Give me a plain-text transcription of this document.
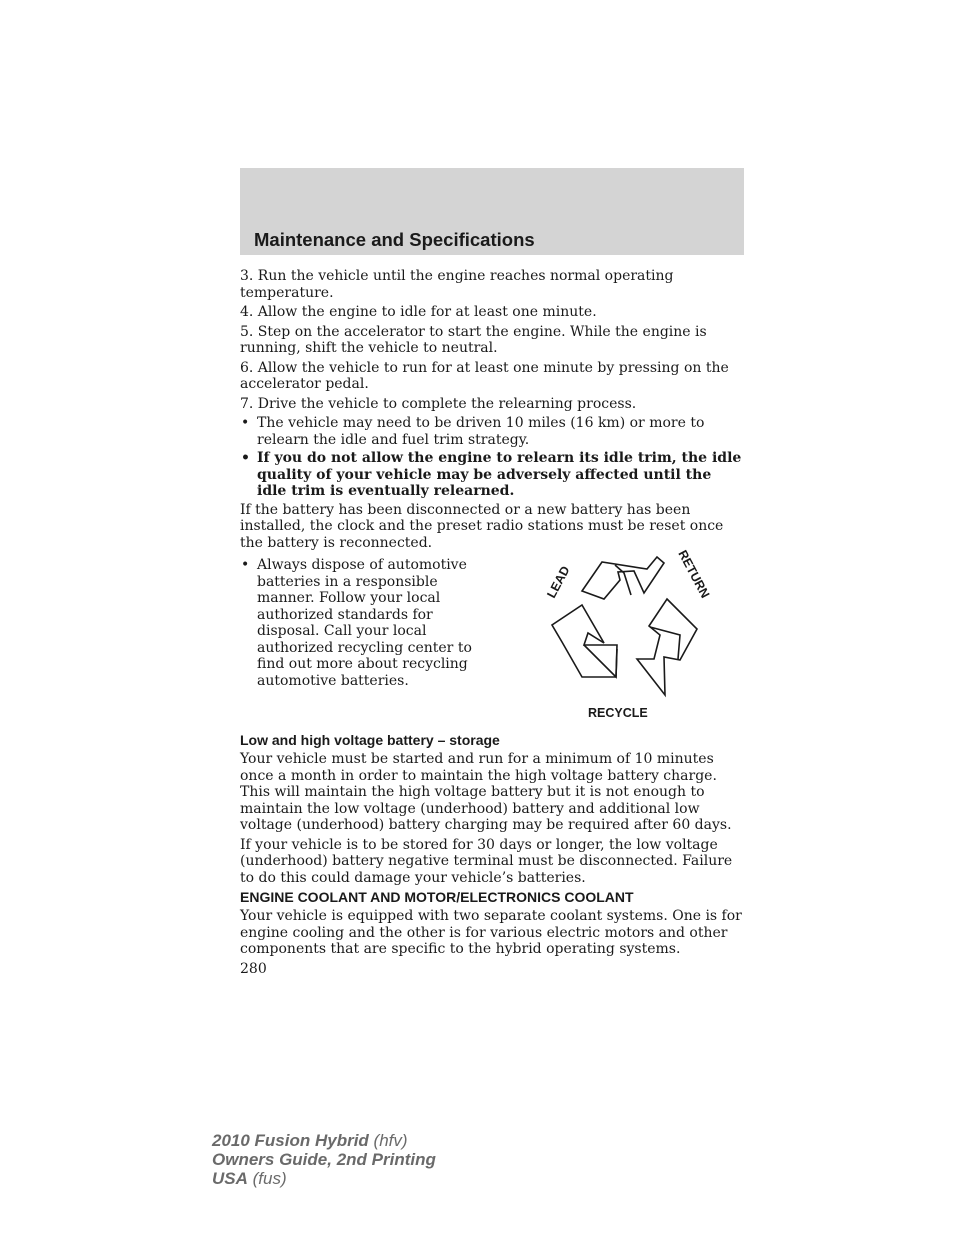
Maintenance and Specifications

3. Run the vehicle until the engine reaches normal operating temperature.

4. Allow the engine to idle for at least one minute.

5. Step on the accelerator to start the engine. While the engine is running, shift the vehicle to neutral.

6. Allow the vehicle to run for at least one minute by pressing on the accelerator pedal.

7. Drive the vehicle to complete the relearning process.

• The vehicle may need to be driven 10 miles (16 km) or more to relearn the idle and fuel trim strategy.
• If you do not allow the engine to relearn its idle trim, the idle quality of your vehicle may be adversely affected until the idle trim is eventually relearned.

If the battery has been disconnected or a new battery has been installed, the clock and the preset radio stations must be reset once the battery is reconnected.

• Always dispose of automotive batteries in a responsible manner. Follow your local authorized standards for disposal. Call your local authorized recycling center to find out more about recycling automotive batteries.
LEAD	RETURN
RECYCLE
Low and high voltage battery – storage

Your vehicle must be started and run for a minimum of 10 minutes once a month in order to maintain the high voltage battery charge. This will maintain the high voltage battery but it is not enough to maintain the low voltage (underhood) battery and additional low voltage (underhood) battery charging may be required after 60 days.

If your vehicle is to be stored for 30 days or longer, the low voltage (underhood) battery negative terminal must be disconnected. Failure to do this could damage your vehicle’s batteries.

ENGINE COOLANT AND MOTOR/ELECTRONICS COOLANT

Your vehicle is equipped with two separate coolant systems. One is for engine cooling and the other is for various electric motors and other components that are specific to the hybrid operating systems.

280
2010 Fusion Hybrid (hfv)
Owners Guide, 2nd Printing
USA (fus)
